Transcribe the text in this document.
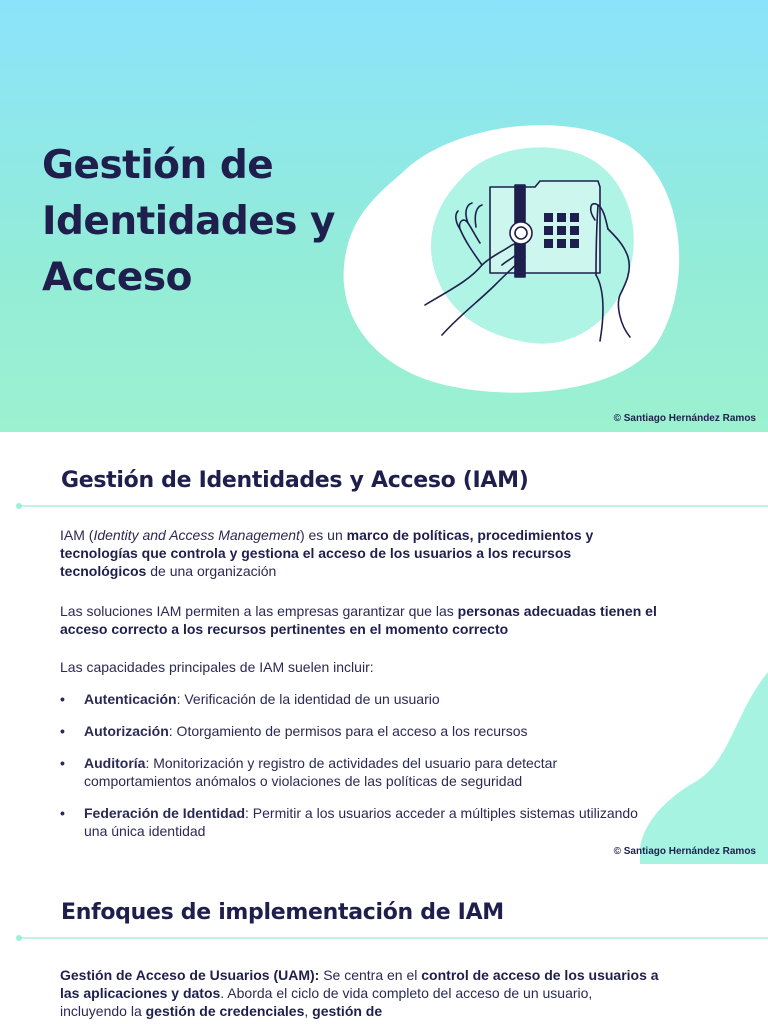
Gestión de Identidades y Acceso
© Santiago Hernández Ramos
Gestión de Identidades y Acceso (IAM)

IAM (Identity and Access Management) es un marco de políticas, procedimientos y tecnologías que controla y gestiona el acceso de los usuarios a los recursos tecnológicos de una organización

Las soluciones IAM permiten a las empresas garantizar que las personas adecuadas tienen el acceso correcto a los recursos pertinentes en el momento correcto

Las capacidades principales de IAM suelen incluir:

• Autenticación: Verificación de la identidad de un usuario
• Autorización: Otorgamiento de permisos para el acceso a los recursos
• Auditoría: Monitorización y registro de actividades del usuario para detectar comportamientos anómalos o violaciones de las políticas de seguridad
• Federación de Identidad: Permitir a los usuarios acceder a múltiples sistemas utilizando una única identidad
© Santiago Hernández Ramos
Enfoques de implementación de IAM

Gestión de Acceso de Usuarios (UAM): Se centra en el control de acceso de los usuarios a las aplicaciones y datos. Aborda el ciclo de vida completo del acceso de un usuario, incluyendo la gestión de credenciales, gestión de
